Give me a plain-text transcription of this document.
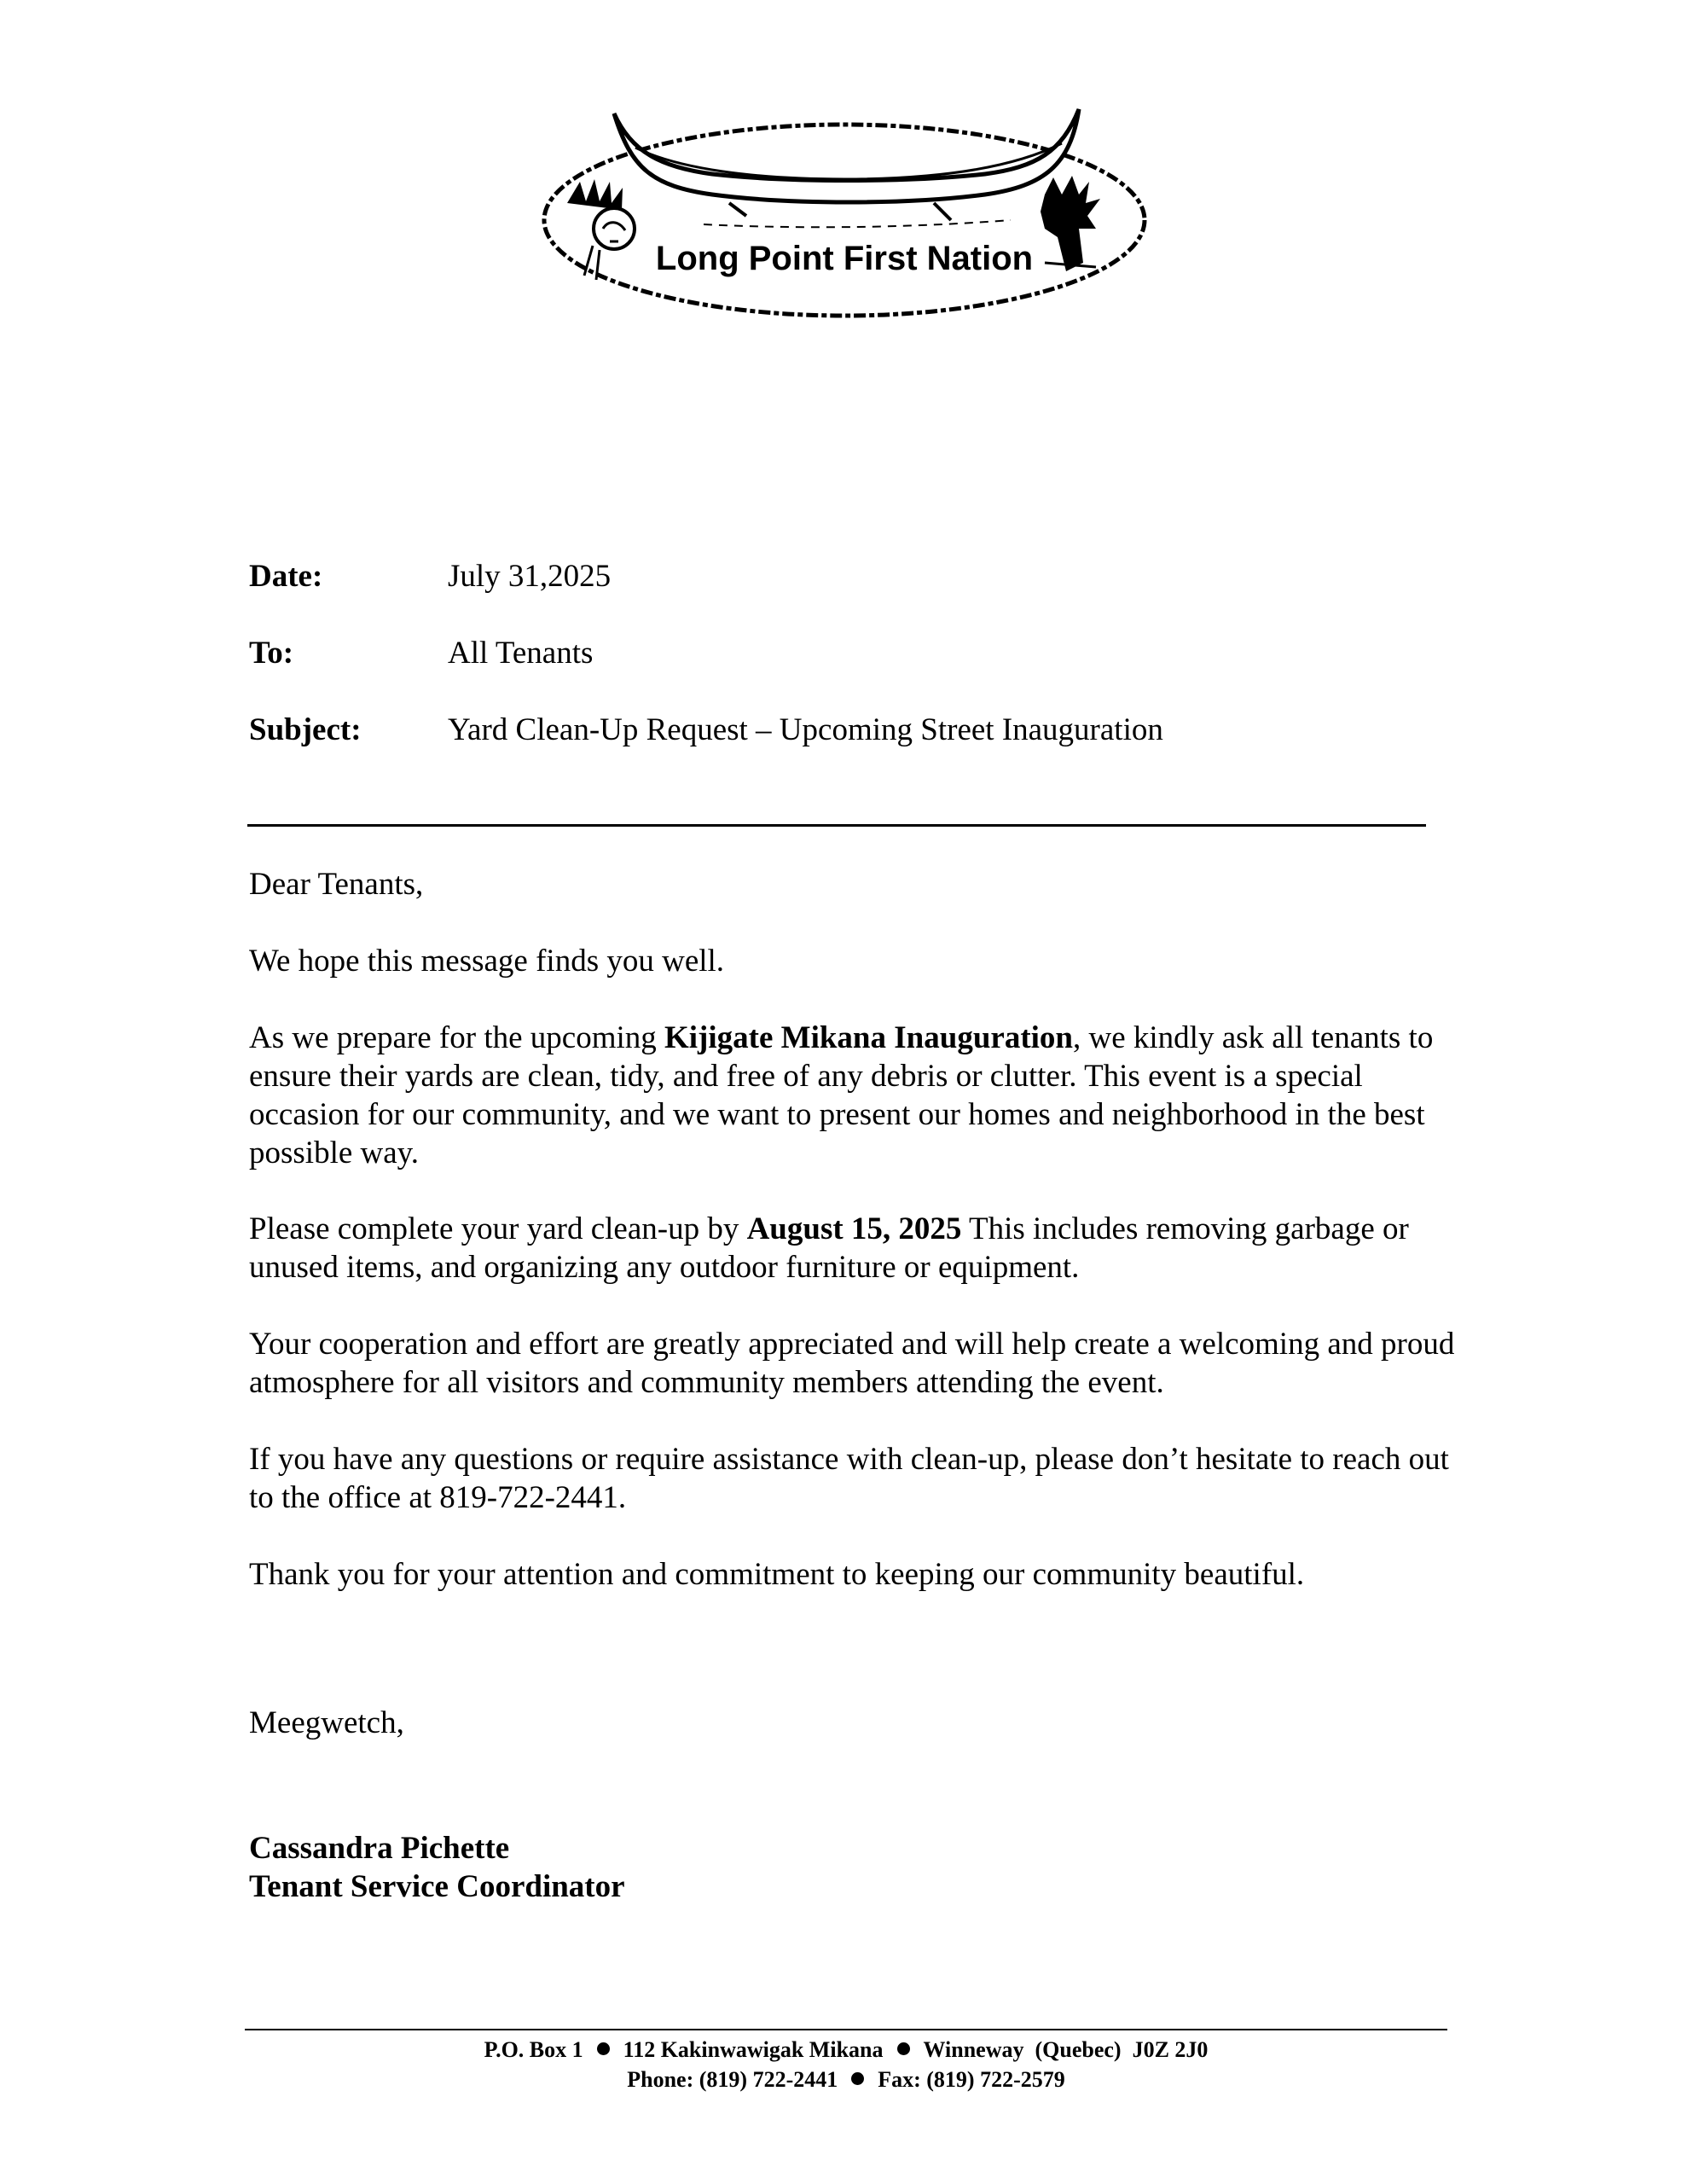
Long Point First Nation
Date:	July 31,2025
To:	All Tenants
Subject:	Yard Clean-Up Request – Upcoming Street Inauguration

Dear Tenants,

We hope this message finds you well.

As we prepare for the upcoming Kijigate Mikana Inauguration, we kindly ask all tenants to ensure their yards are clean, tidy, and free of any debris or clutter. This event is a special occasion for our community, and we want to present our homes and neighborhood in the best possible way.

Please complete your yard clean-up by August 15, 2025 This includes removing garbage or unused items, and organizing any outdoor furniture or equipment.

Your cooperation and effort are greatly appreciated and will help create a welcoming and proud atmosphere for all visitors and community members attending the event.

If you have any questions or require assistance with clean-up, please don’t hesitate to reach out to the office at 819-722-2441.

Thank you for your attention and commitment to keeping our community beautiful.

Meegwetch,

Cassandra Pichette
Tenant Service Coordinator
P.O. Box 1 112 Kakinwawigak Mikana Winneway  (Quebec)  J0Z 2J0
Phone: (819) 722-2441 Fax: (819) 722-2579
